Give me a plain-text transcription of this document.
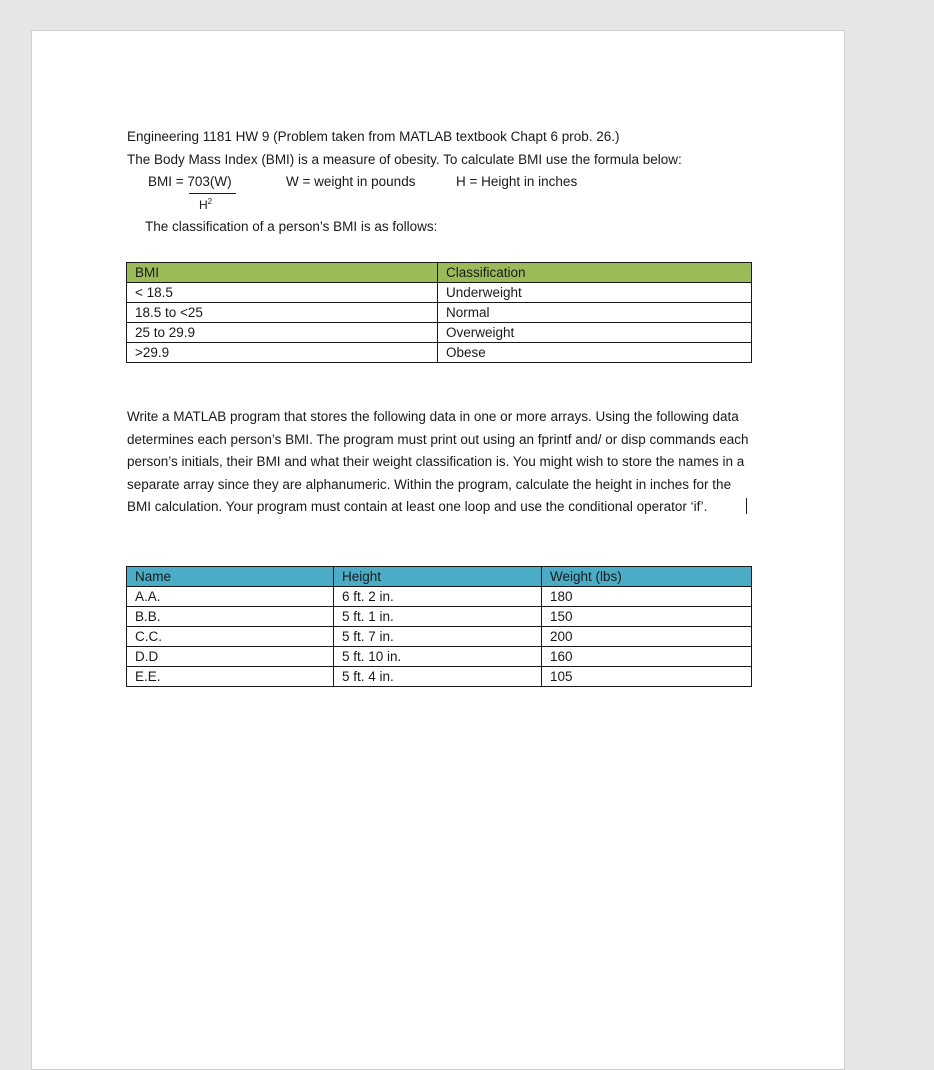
Engineering 1181 HW 9 (Problem taken from MATLAB textbook Chapt 6 prob. 26.)
The Body Mass Index (BMI) is a measure of obesity. To calculate BMI use the formula below:
BMI = 703(W)
$H^2$
W = weight in pounds	H = Height in inches
The classification of a person’s BMI is as follows:
BMI	Classification
< 18.5	Underweight
18.5 to <25	Normal
25 to 29.9	Overweight
>29.9	Obese
Write a MATLAB program that stores the following data in one or more arrays. Using the following data determines each person’s BMI. The program must print out using an fprintf and/ or disp commands each person’s initials, their BMI and what their weight classification is. You might wish to store the names in a separate array since they are alphanumeric. Within the program, calculate the height in inches for the BMI calculation. Your program must contain at least one loop and use the conditional operator ‘if’.
Name	Height	Weight (lbs)
A.A.	6 ft. 2 in.	180
B.B.	5 ft. 1 in.	150
C.C.	5 ft. 7 in.	200
D.D	5 ft. 10 in.	160
E.E.	5 ft. 4 in.	105
